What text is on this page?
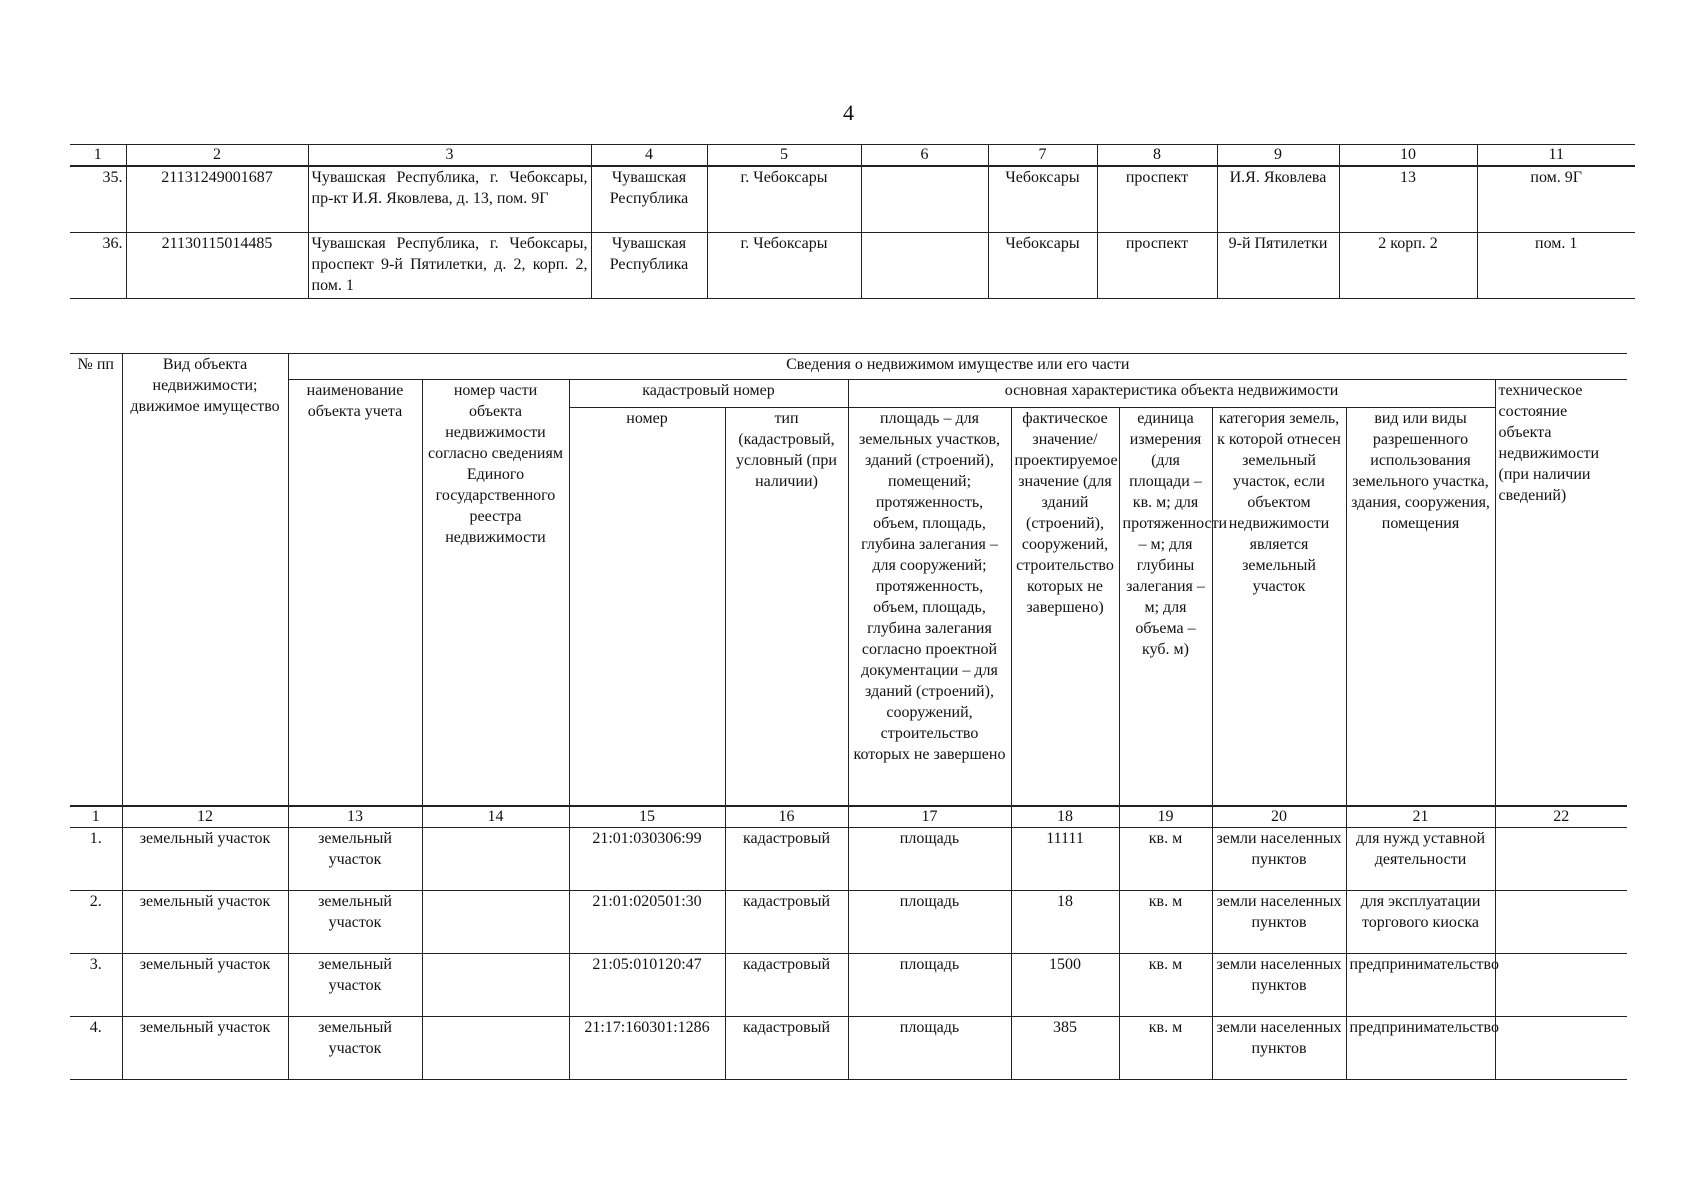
4
1	2	3	4	5	6	7	8	9	10	11
35.	21131249001687	Чувашская Республика, г. Чебоксары, пр-кт И.Я. Яковлева, д. 13, пом. 9Г	Чувашская Республика	г. Чебоксары		Чебоксары	проспект	И.Я. Яковлева	13	пом. 9Г
36.	21130115014485	Чувашская Республика, г. Чебоксары, проспект 9-й Пятилетки, д. 2, корп. 2, пом. 1	Чувашская Республика	г. Чебоксары		Чебоксары	проспект	9-й Пятилетки	2 корп. 2	пом. 1
№ пп	Вид объекта недвижимости; движимое имущество	Сведения о недвижимом имуществе или его части									
		наименование объекта учета	номер части объекта недвижимости согласно сведениям Единого государственного реестра недвижимости	кадастровый номер		основная характеристика объекта недвижимости					техническое состояние объекта недвижимости (при наличии сведений)
				номер	тип (кадастровый, условный (при наличии)	площадь – для земельных участков, зданий (строений), помещений; протяженность, объем, площадь, глубина залегания – для сооружений; протяженность, объем, площадь, глубина залегания согласно проектной документации – для зданий (строений), сооружений, строительство которых не завершено	фактическое значение/проектируемое значение (для зданий (строений), сооружений, строительство которых не завершено)	единица измерения (для площади – кв. м; для протяженности – м; для глубины залегания – м; для объема – куб. м)	категория земель, к которой отнесен земельный участок, если объектом недвижимости является земельный участок	вид или виды разрешенного использования земельного участка, здания, сооружения, помещения	
1	12	13	14	15	16	17	18	19	20	21	22
1.	земельный участок	земельный участок		21:01:030306:99	кадастровый	площадь	11111	кв. м	земли населенных пунктов	для нужд уставной деятельности	
2.	земельный участок	земельный участок		21:01:020501:30	кадастровый	площадь	18	кв. м	земли населенных пунктов	для эксплуатации торгового киоска	
3.	земельный участок	земельный участок		21:05:010120:47	кадастровый	площадь	1500	кв. м	земли населенных пунктов	предпринимательство	
4.	земельный участок	земельный участок		21:17:160301:1286	кадастровый	площадь	385	кв. м	земли населенных пунктов	предпринимательство	
